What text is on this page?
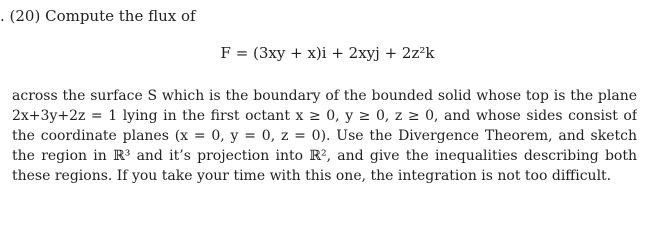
. (20) Compute the flux of
F = (3xy + x)i + 2xyj + 2z²k
across the surface S which is the boundary of the bounded solid whose top is the plane
2x+3y+2z = 1 lying in the first octant x ≥ 0, y ≥ 0, z ≥ 0, and whose sides consist of
the coordinate planes (x = 0, y = 0, z = 0). Use the Divergence Theorem, and sketch
the region in ℝ³ and it’s projection into ℝ², and give the inequalities describing both
these regions. If you take your time with this one, the integration is not too difficult.
